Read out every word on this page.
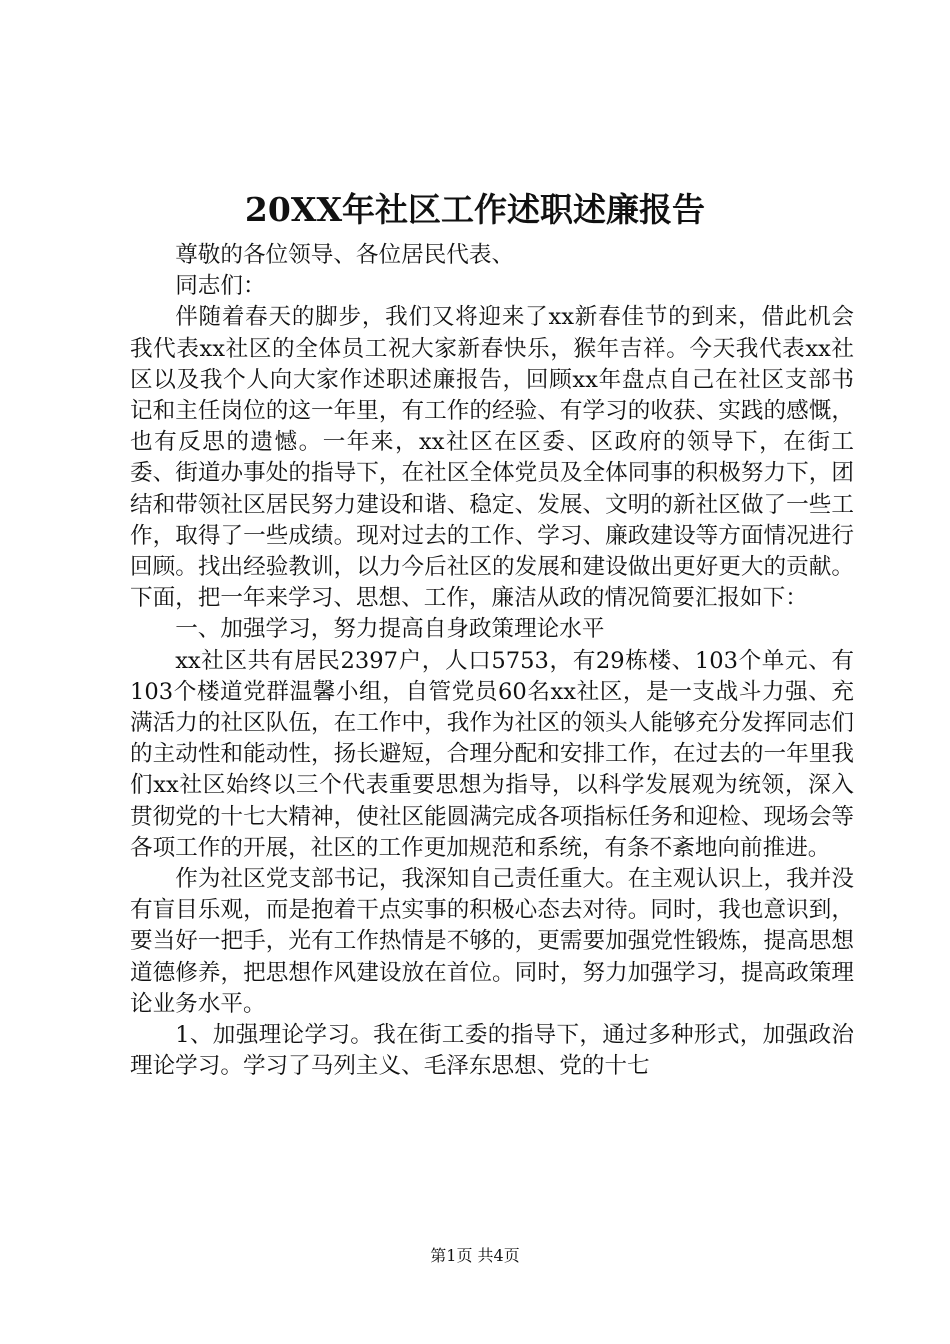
20XX年社区工作述职述廉报告

尊敬的各位领导、各位居民代表、

同志们：

伴随着春天的脚步，我们又将迎来了xx新春佳节的到来，借此机会我代表xx社区的全体员工祝大家新春快乐，猴年吉祥。今天我代表xx社区以及我个人向大家作述职述廉报告，回顾xx年盘点自己在社区支部书记和主任岗位的这一年里，有工作的经验、有学习的收获、实践的感慨，也有反思的遗憾。一年来，xx社区在区委、区政府的领导下，在街工委、街道办事处的指导下，在社区全体党员及全体同事的积极努力下，团结和带领社区居民努力建设和谐、稳定、发展、文明的新社区做了一些工作，取得了一些成绩。现对过去的工作、学习、廉政建设等方面情况进行回顾。找出经验教训，以力今后社区的发展和建设做出更好更大的贡献。下面，把一年来学习、思想、工作，廉洁从政的情况简要汇报如下：

一、加强学习，努力提高自身政策理论水平

xx社区共有居民2397户，人口5753，有29栋楼、103个单元、有103个楼道党群温馨小组，自管党员60名xx社区，是一支战斗力强、充满活力的社区队伍，在工作中，我作为社区的领头人能够充分发挥同志们的主动性和能动性，扬长避短，合理分配和安排工作，在过去的一年里我们xx社区始终以三个代表重要思想为指导，以科学发展观为统领，深入贯彻党的十七大精神，使社区能圆满完成各项指标任务和迎检、现场会等各项工作的开展，社区的工作更加规范和系统，有条不紊地向前推进。

作为社区党支部书记，我深知自己责任重大。在主观认识上，我并没有盲目乐观，而是抱着干点实事的积极心态去对待。同时，我也意识到，要当好一把手，光有工作热情是不够的，更需要加强党性锻炼，提高思想道德修养，把思想作风建设放在首位。同时，努力加强学习，提高政策理论业务水平。

1、加强理论学习。我在街工委的指导下，通过多种形式，加强政治理论学习。学习了马列主义、毛泽东思想、党的十七

第1页 共4页
